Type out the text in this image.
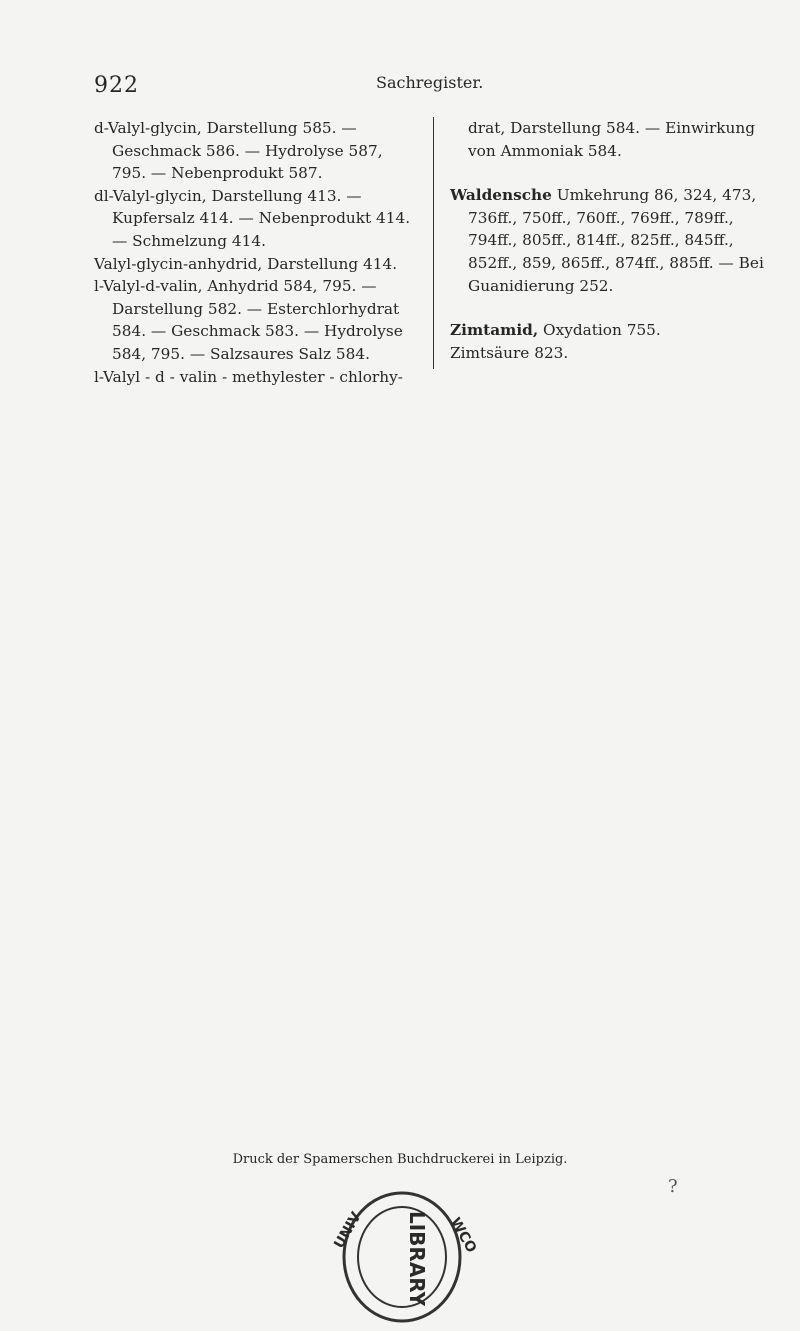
922	Sachregister.

d-Valyl-glycin, Darstellung 585. — Geschmack 586. — Hydrolyse 587, 795. — Nebenprodukt 587.

dl-Valyl-glycin, Darstellung 413. — Kupfersalz 414. — Nebenprodukt 414. — Schmelzung 414.

Valyl-glycin-anhydrid, Darstellung 414.

l-Valyl-d-valin, Anhydrid 584, 795. — Darstellung 582. — Esterchlorhydrat 584. — Geschmack 583. — Hydrolyse 584, 795. — Salzsaures Salz 584.

l-Valyl - d - valin - methylester - chlorhy-

drat, Darstellung 584. — Einwirkung von Ammoniak 584.

Waldensche Umkehrung 86, 324, 473, 736ff., 750ff., 760ff., 769ff., 789ff., 794ff., 805ff., 814ff., 825ff., 845ff., 852ff., 859, 865ff., 874ff., 885ff. — Bei Guanidierung 252.

Zimtamid, Oxydation 755.

Zimtsäure 823.

Druck der Spamerschen Buchdruckerei in Leipzig.
LIBRARY
UNIV	WCO
?
